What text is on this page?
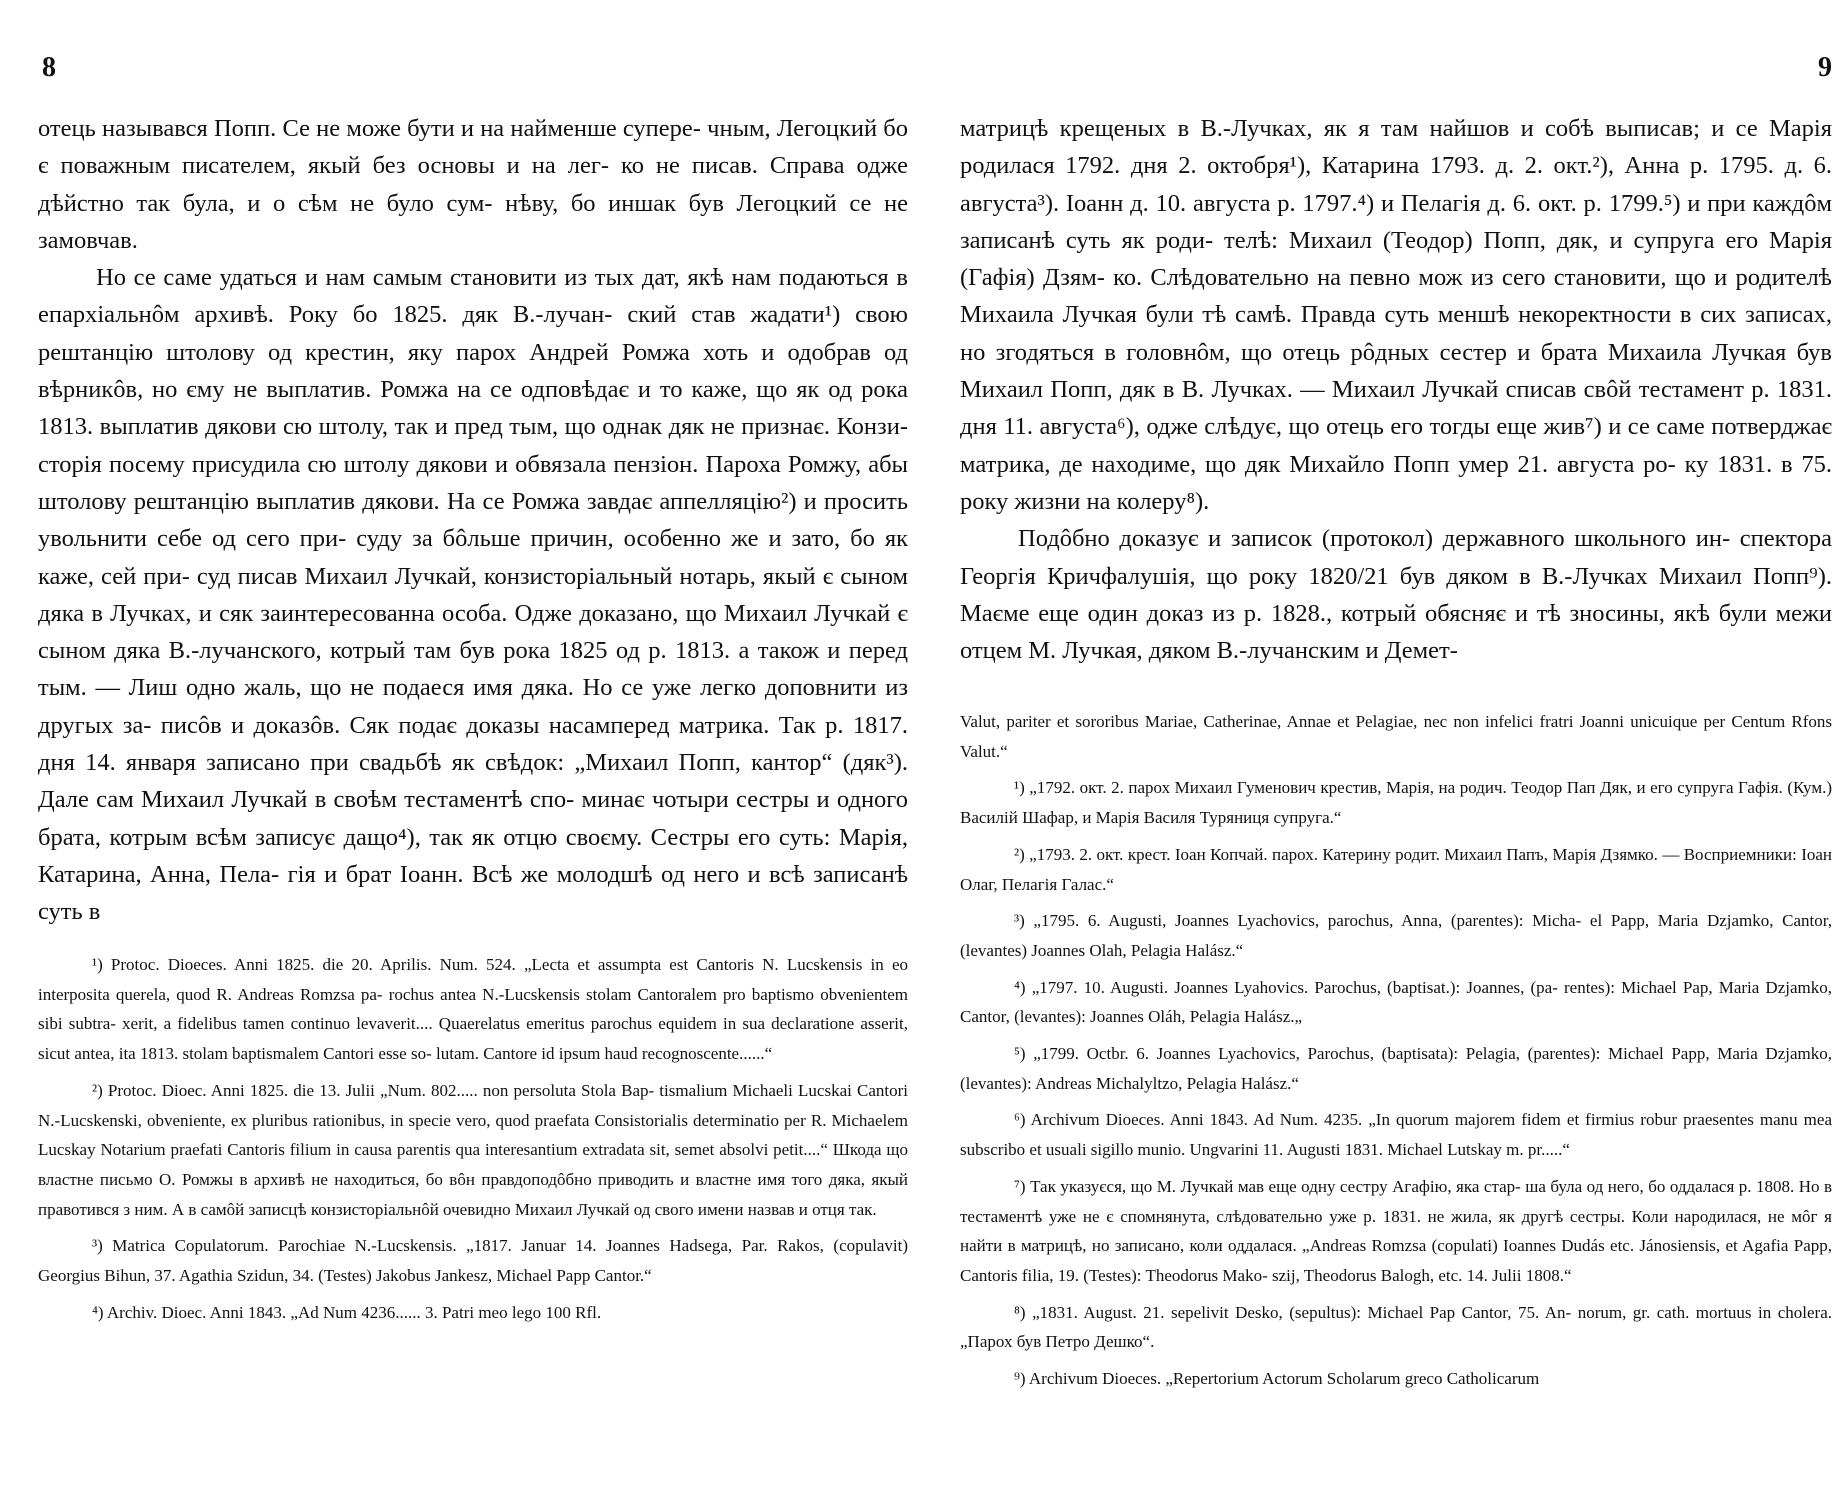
8

отець назывався Попп. Се не може бути и на найменше супере- чным, Легоцкий бо є поважным писателем, якый без основы и на лег- ко не писав. Справа одже дѣйстно так була, и о сѣм не було сум- нѣву, бо иншак був Легоцкий се не замовчав.

Но се саме удаться и нам самым становити из тых дат, якѣ нам подаються в епархіальнôм архивѣ. Року бо 1825. дяк В.-лучан- ский став жадати¹) свою рештанцію штолову од крестин, яку парох Андрей Ромжа хоть и одобрав од вѣрникôв, но єму не выплатив. Ромжа на се одповѣдає и то каже, що як од рока 1813. выплатив дякови сю штолу, так и пред тым, що однак дяк не признає. Конзи- сторія посему присудила сю штолу дякови и обвязала пензіон. Пароха Ромжу, абы штолову рештанцію выплатив дякови. На се Ромжа завдає аппелляцію²) и просить увольнити себе од сего при- суду за бôльше причин, особенно же и зато, бо як каже, сей при- суд писав Михаил Лучкай, конзисторіальный нотарь, якый є сыном дяка в Лучках, и сяк заинтересованна особа. Одже доказано, що Михаил Лучкай є сыном дяка В.-лучанского, котрый там був рока 1825 од р. 1813. а також и перед тым. — Лиш одно жаль, що не подаеся имя дяка. Но се уже легко доповнити из другых за- писôв и доказôв. Сяк подає доказы насамперед матрика. Так р. 1817. дня 14. января записано при свадьбѣ як свѣдок: „Михаил Попп, кантор“ (дяк³). Дале сам Михаил Лучкай в своѣм тестаментѣ спо- минає чотыри сестры и одного брата, котрым всѣм записує дащо⁴), так як отцю своєму. Сестры его суть: Марія, Катарина, Анна, Пела- гія и брат Іоанн. Всѣ же молодшѣ од него и всѣ записанѣ суть в

¹) Protoc. Dioeces. Anni 1825. die 20. Aprilis. Num. 524. „Lecta et assumpta est Cantoris N. Lucskensis in eo interposita querela, quod R. Andreas Romzsa pa- rochus antea N.-Lucskensis stolam Cantoralem pro baptismo obvenientem sibi subtra- xerit, a fidelibus tamen continuo levaverit.... Quaerelatus emeritus parochus equidem in sua declaratione asserit, sicut antea, ita 1813. stolam baptismalem Cantori esse so- lutam. Cantore id ipsum haud recognoscente......“

²) Protoc. Dioec. Anni 1825. die 13. Julii „Num. 802..... non persoluta Stola Bap- tismalium Michaeli Lucskai Cantori N.-Lucskenski, obveniente, ex pluribus rationibus, in specie vero, quod praefata Consistorialis determinatio per R. Michaelem Lucskay Notarium praefati Cantoris filium in causa parentis qua interesantium extradata sit, semet absolvi petit....“ Шкода що властне письмо О. Ромжы в архивѣ не находиться, бо вôн правдоподôбно приводить и властне имя того дяка, якый правотився з ним. А в самôй записцѣ конзисторіальнôй очевидно Михаил Лучкай од свого имени назвав и отця так.

³) Matrica Copulatorum. Parochiae N.-Lucskensis. „1817. Januar 14. Joannes Hadsega, Par. Rakos, (copulavit) Georgius Bihun, 37. Agathia Szidun, 34. (Testes) Jakobus Jankesz, Michael Papp Cantor.“

⁴) Archiv. Dioec. Anni 1843. „Ad Num 4236...... 3. Patri meo lego 100 Rfl.

9

матрицѣ крещеных в В.-Лучках, як я там найшов и собѣ выписав; и се Марія родилася 1792. дня 2. октобря¹), Катарина 1793. д. 2. окт.²), Анна р. 1795. д. 6. августа³). Іоанн д. 10. августа р. 1797.⁴) и Пелагія д. 6. окт. р. 1799.⁵) и при каждôм записанѣ суть як роди- телѣ: Михаил (Теодор) Попп, дяк, и супруга его Марія (Гафія) Дзям- ко. Слѣдовательно на певно мож из сего становити, що и родителѣ Михаила Лучкая були тѣ самѣ. Правда суть меншѣ некоректности в сих записах, но згодяться в головнôм, що отець рôдных сестер и брата Михаила Лучкая був Михаил Попп, дяк в В. Лучках. — Михаил Лучкай списав свôй тестамент р. 1831. дня 11. августа⁶), одже слѣдує, що отець его тогды еще жив⁷) и се саме потверджає матрика, де находиме, що дяк Михайло Попп умер 21. августа ро- ку 1831. в 75. року жизни на колеру⁸).

Подôбно доказує и записок (протокол) державного школьного ин- спектора Георгія Кричфалушія, що року 1820/21 був дяком в В.-Лучках Михаил Попп⁹). Маєме еще один доказ из р. 1828., котрый обясняє и тѣ зносины, якѣ були межи отцем М. Лучкая, дяком В.-лучанским и Демет-

Valut, pariter et sororibus Mariae, Catherinae, Annae et Pelagiae, nec non infelici fratri Joanni unicuique per Centum Rfons Valut.“

¹) „1792. окт. 2. парох Михаил Гуменович крестив, Марія, на родич. Теодор Пап Дяк, и его супруга Гафія. (Кум.) Василій Шафар, и Марія Василя Туряниця супруга.“

²) „1793. 2. окт. крест. Іоан Копчай. парох. Катерину родит. Михаил Папъ, Марія Дзямко. — Восприемники: Іоан Олаг, Пелагія Галас.“

³) „1795. 6. Augusti, Joannes Lyachovics, parochus, Anna, (parentes): Micha- el Papp, Maria Dzjamko, Cantor, (levantes) Joannes Olah, Pelagia Halász.“

⁴) „1797. 10. Augusti. Joannes Lyahovics. Parochus, (baptisat.): Joannes, (pa- rentes): Michael Pap, Maria Dzjamko, Cantor, (levantes): Joannes Oláh, Pelagia Halász.„

⁵) „1799. Octbr. 6. Joannes Lyachovics, Parochus, (baptisata): Pelagia, (parentes): Michael Papp, Maria Dzjamko, (levantes): Andreas Michalyltzo, Pelagia Halász.“

⁶) Archivum Dioeces. Anni 1843. Ad Num. 4235. „In quorum majorem fidem et firmius robur praesentes manu mea subscribo et usuali sigillo munio. Ungvarini 11. Augusti 1831. Michael Lutskay m. pr.....“

⁷) Так указуєся, що М. Лучкай мав еще одну сестру Агафію, яка стар- ша була од него, бо оддалася р. 1808. Но в тестаментѣ уже не є спомнянута, слѣдовательно уже р. 1831. не жила, як другѣ сестры. Коли народилася, не мôг я найти в матрицѣ, но записано, коли оддалася. „Andreas Romzsa (copulati) Ioannes Dudás etc. Jánosiensis, et Agafia Papp, Cantoris filia, 19. (Testes): Theodorus Mako- szij, Theodorus Balogh, etc. 14. Julii 1808.“

⁸) „1831. August. 21. sepelivit Desko, (sepultus): Michael Pap Cantor, 75. An- norum, gr. cath. mortuus in cholera. „Парох був Петро Дешко“.

⁹) Archivum Dioeces. „Repertorium Actorum Scholarum greco Catholicarum
